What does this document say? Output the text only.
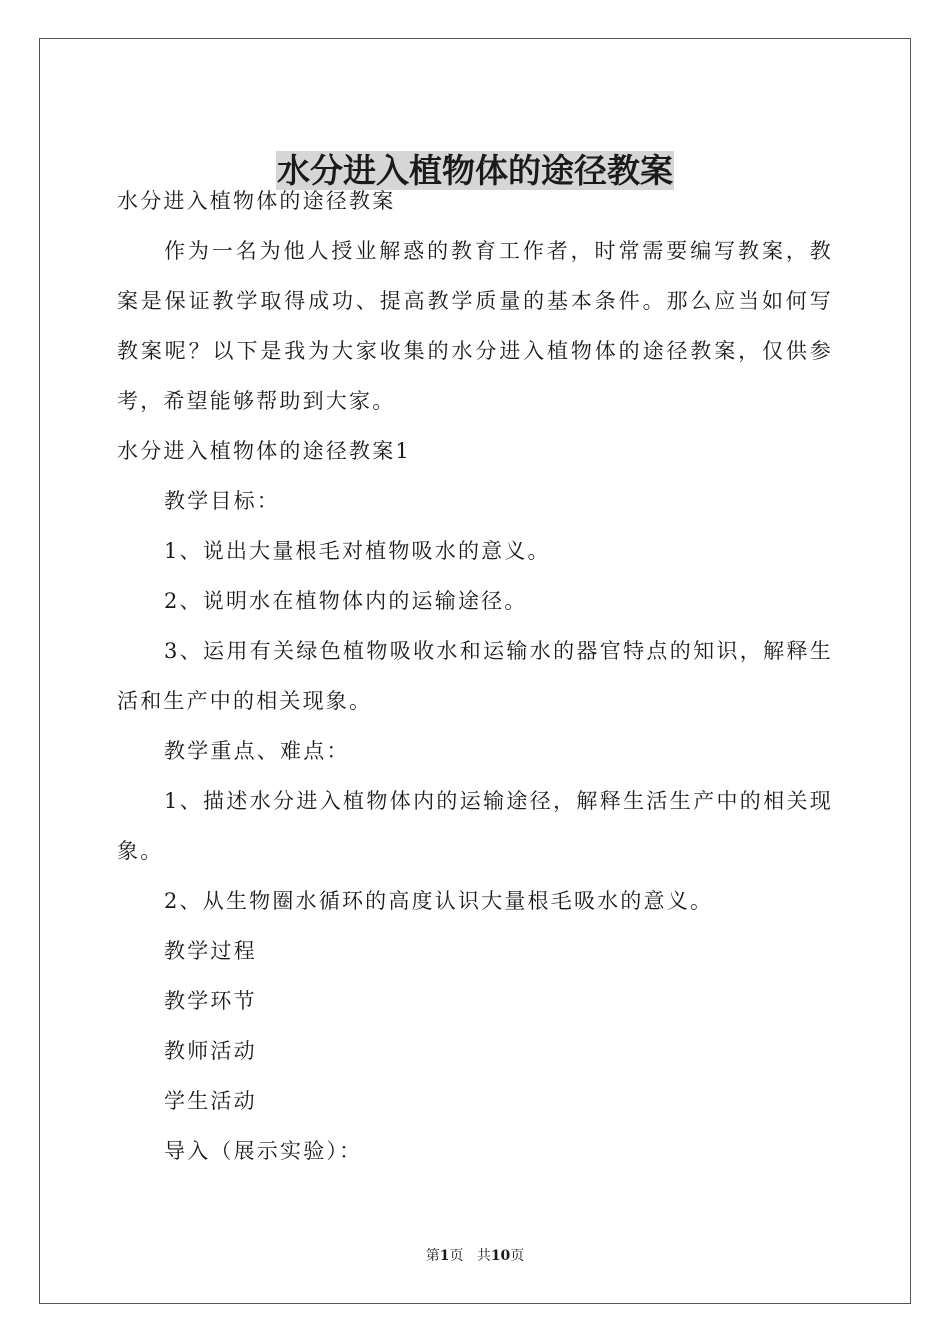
水分进入植物体的途径教案

水分进入植物体的途径教案

作为一名为他人授业解惑的教育工作者，时常需要编写教案，教案是保证教学取得成功、提高教学质量的基本条件。那么应当如何写教案呢？以下是我为大家收集的水分进入植物体的途径教案，仅供参考，希望能够帮助到大家。

水分进入植物体的途径教案1

教学目标：

1、说出大量根毛对植物吸水的意义。

2、说明水在植物体内的运输途径。

3、运用有关绿色植物吸收水和运输水的器官特点的知识，解释生活和生产中的相关现象。

教学重点、难点：

1、描述水分进入植物体内的运输途径，解释生活生产中的相关现象。

2、从生物圈水循环的高度认识大量根毛吸水的意义。

教学过程

教学环节

教师活动

学生活动

导入（展示实验）：

第1页 共10页
